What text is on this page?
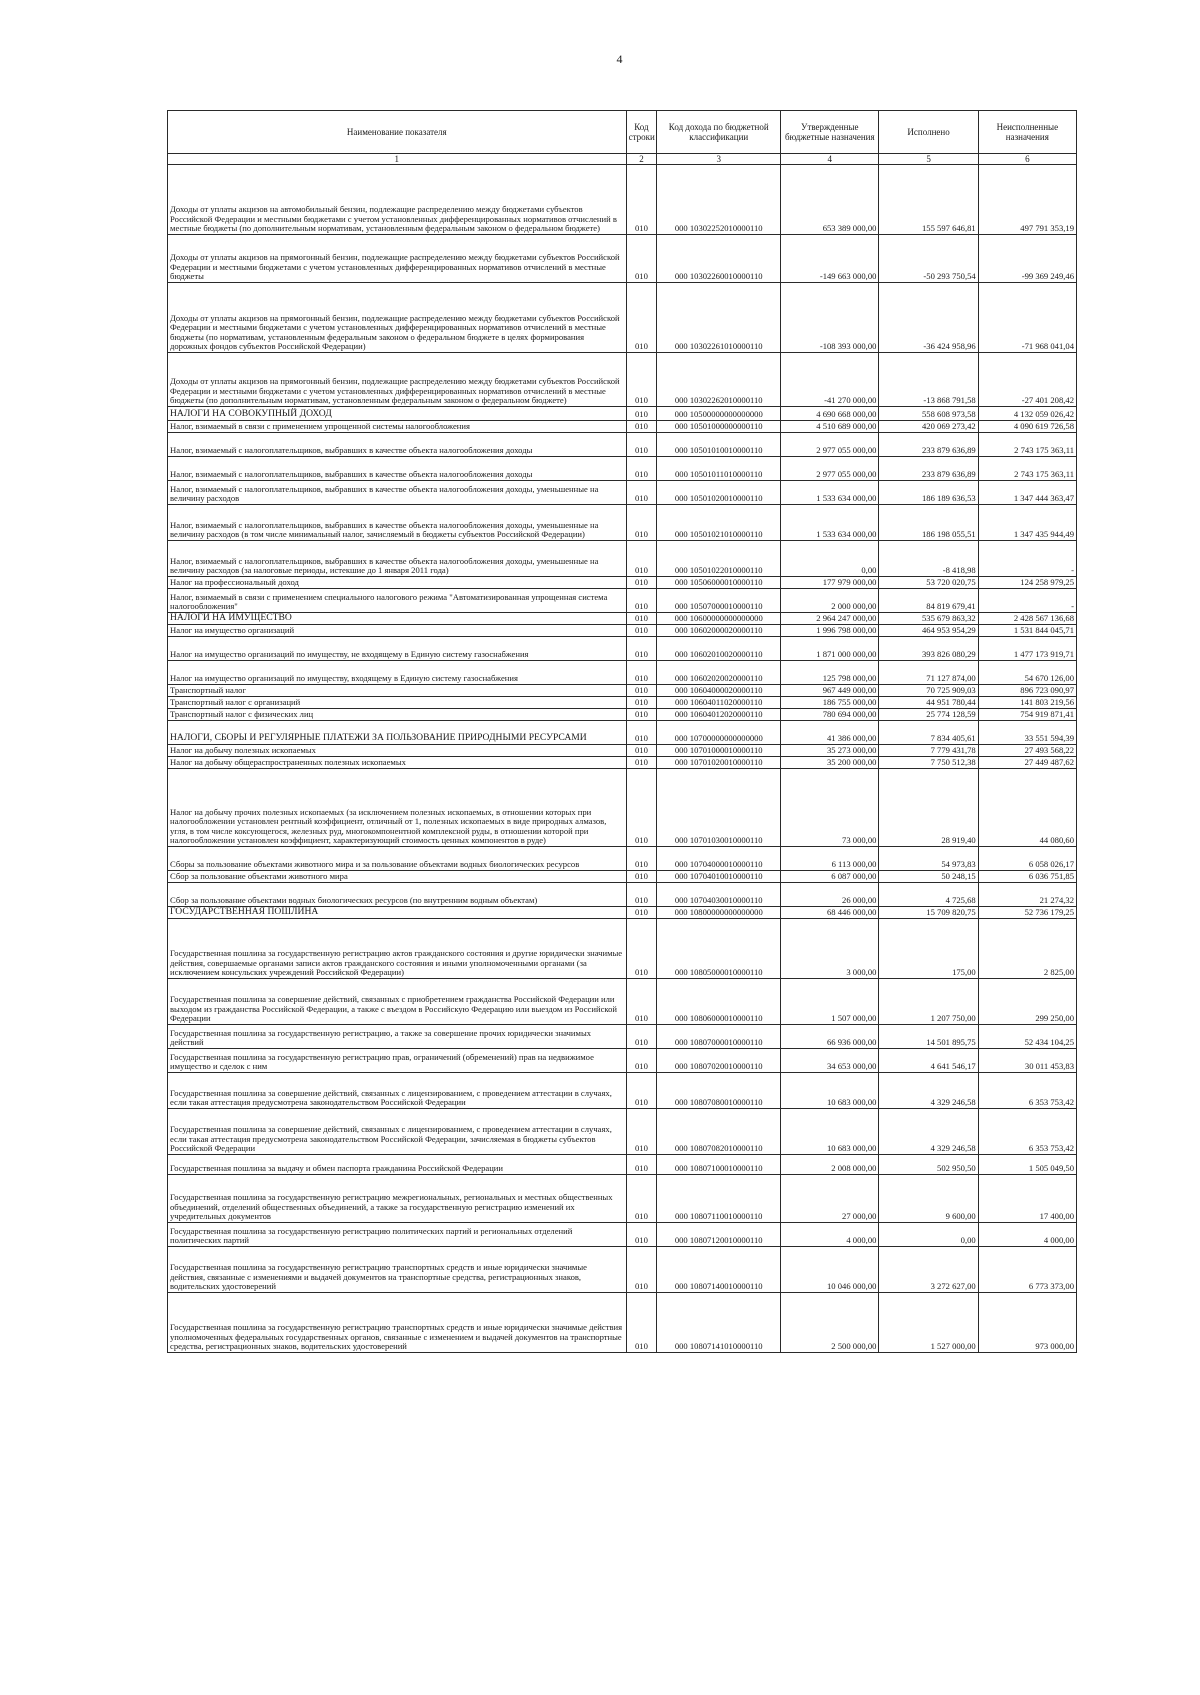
4
Наименование показателя	Код строки	Код дохода по бюджетной классификации	Утвержденные бюджетные назначения	Исполнено	Неисполненные назначения
1	2	3	4	5	6
Доходы от уплаты акцизов на автомобильный бензин, подлежащие распределению между бюджетами субъектов Российской Федерации и местными бюджетами с учетом установленных дифференцированных нормативов отчислений в местные бюджеты (по дополнительным нормативам, установленным федеральным законом о федеральном бюджете)	010	000 10302252010000110	653 389 000,00	155 597 646,81	497 791 353,19
Доходы от уплаты акцизов на прямогонный бензин, подлежащие распределению между бюджетами субъектов Российской Федерации и местными бюджетами с учетом установленных дифференцированных нормативов отчислений в местные бюджеты	010	000 10302260010000110	-149 663 000,00	-50 293 750,54	-99 369 249,46
Доходы от уплаты акцизов на прямогонный бензин, подлежащие распределению между бюджетами субъектов Российской Федерации и местными бюджетами с учетом установленных дифференцированных нормативов отчислений в местные бюджеты (по нормативам, установленным федеральным законом о федеральном бюджете в целях формирования дорожных фондов субъектов Российской Федерации)	010	000 10302261010000110	-108 393 000,00	-36 424 958,96	-71 968 041,04
Доходы от уплаты акцизов на прямогонный бензин, подлежащие распределению между бюджетами субъектов Российской Федерации и местными бюджетами с учетом установленных дифференцированных нормативов отчислений в местные бюджеты (по дополнительным нормативам, установленным федеральным законом о федеральном бюджете)	010	000 10302262010000110	-41 270 000,00	-13 868 791,58	-27 401 208,42
НАЛОГИ НА СОВОКУПНЫЙ ДОХОД	010	000 10500000000000000	4 690 668 000,00	558 608 973,58	4 132 059 026,42
Налог, взимаемый в связи с применением упрощенной системы налогообложения	010	000 10501000000000110	4 510 689 000,00	420 069 273,42	4 090 619 726,58
Налог, взимаемый с налогоплательщиков, выбравших в качестве объекта налогообложения доходы	010	000 10501010010000110	2 977 055 000,00	233 879 636,89	2 743 175 363,11
Налог, взимаемый с налогоплательщиков, выбравших в качестве объекта налогообложения доходы	010	000 10501011010000110	2 977 055 000,00	233 879 636,89	2 743 175 363,11
Налог, взимаемый с налогоплательщиков, выбравших в качестве объекта налогообложения доходы, уменьшенные на величину расходов	010	000 10501020010000110	1 533 634 000,00	186 189 636,53	1 347 444 363,47
Налог, взимаемый с налогоплательщиков, выбравших в качестве объекта налогообложения доходы, уменьшенные на величину расходов (в том числе минимальный налог, зачисляемый в бюджеты субъектов Российской Федерации)	010	000 10501021010000110	1 533 634 000,00	186 198 055,51	1 347 435 944,49
Налог, взимаемый с налогоплательщиков, выбравших в качестве объекта налогообложения доходы, уменьшенные на величину расходов (за налоговые периоды, истекшие до 1 января 2011 года)	010	000 10501022010000110	0,00	-8 418,98	-
Налог на профессиональный доход	010	000 10506000010000110	177 979 000,00	53 720 020,75	124 258 979,25
Налог, взимаемый в связи с применением специального налогового режима "Автоматизированная упрощенная система налогообложения"	010	000 10507000010000110	2 000 000,00	84 819 679,41	-
НАЛОГИ НА ИМУЩЕСТВО	010	000 10600000000000000	2 964 247 000,00	535 679 863,32	2 428 567 136,68
Налог на имущество организаций	010	000 10602000020000110	1 996 798 000,00	464 953 954,29	1 531 844 045,71
Налог на имущество организаций по имуществу, не входящему в Единую систему газоснабжения	010	000 10602010020000110	1 871 000 000,00	393 826 080,29	1 477 173 919,71
Налог на имущество организаций по имуществу, входящему в Единую систему газоснабжения	010	000 10602020020000110	125 798 000,00	71 127 874,00	54 670 126,00
Транспортный налог	010	000 10604000020000110	967 449 000,00	70 725 909,03	896 723 090,97
Транспортный налог с организаций	010	000 10604011020000110	186 755 000,00	44 951 780,44	141 803 219,56
Транспортный налог с физических лиц	010	000 10604012020000110	780 694 000,00	25 774 128,59	754 919 871,41
НАЛОГИ, СБОРЫ И РЕГУЛЯРНЫЕ ПЛАТЕЖИ ЗА ПОЛЬЗОВАНИЕ ПРИРОДНЫМИ РЕСУРСАМИ	010	000 10700000000000000	41 386 000,00	7 834 405,61	33 551 594,39
Налог на добычу полезных ископаемых	010	000 10701000010000110	35 273 000,00	7 779 431,78	27 493 568,22
Налог на добычу общераспространенных полезных ископаемых	010	000 10701020010000110	35 200 000,00	7 750 512,38	27 449 487,62
Налог на добычу прочих полезных ископаемых (за исключением полезных ископаемых, в отношении которых при налогообложении установлен рентный коэффициент, отличный от 1, полезных ископаемых в виде природных алмазов, угля, в том числе коксующегося, железных руд, многокомпонентной комплексной руды, в отношении которой при налогообложении установлен коэффициент, характеризующий стоимость ценных компонентов в руде)	010	000 10701030010000110	73 000,00	28 919,40	44 080,60
Сборы за пользование объектами животного мира и за пользование объектами водных биологических ресурсов	010	000 10704000010000110	6 113 000,00	54 973,83	6 058 026,17
Сбор за пользование объектами животного мира	010	000 10704010010000110	6 087 000,00	50 248,15	6 036 751,85
Сбор за пользование объектами водных биологических ресурсов (по внутренним водным объектам)	010	000 10704030010000110	26 000,00	4 725,68	21 274,32
ГОСУДАРСТВЕННАЯ ПОШЛИНА	010	000 10800000000000000	68 446 000,00	15 709 820,75	52 736 179,25
Государственная пошлина за государственную регистрацию актов гражданского состояния и другие юридически значимые действия, совершаемые органами записи актов гражданского состояния и иными уполномоченными органами (за исключением консульских учреждений Российской Федерации)	010	000 10805000010000110	3 000,00	175,00	2 825,00
Государственная пошлина за совершение действий, связанных с приобретением гражданства Российской Федерации или выходом из гражданства Российской Федерации, а также с въездом в Российскую Федерацию или выездом из Российской Федерации	010	000 10806000010000110	1 507 000,00	1 207 750,00	299 250,00
Государственная пошлина за государственную регистрацию, а также за совершение прочих юридически значимых действий	010	000 10807000010000110	66 936 000,00	14 501 895,75	52 434 104,25
Государственная пошлина за государственную регистрацию прав, ограничений (обременений) прав на недвижимое имущество и сделок с ним	010	000 10807020010000110	34 653 000,00	4 641 546,17	30 011 453,83
Государственная пошлина за совершение действий, связанных с лицензированием, с проведением аттестации в случаях, если такая аттестация предусмотрена законодательством Российской Федерации	010	000 10807080010000110	10 683 000,00	4 329 246,58	6 353 753,42
Государственная пошлина за совершение действий, связанных с лицензированием, с проведением аттестации в случаях, если такая аттестация предусмотрена законодательством Российской Федерации, зачисляемая в бюджеты субъектов Российской Федерации	010	000 10807082010000110	10 683 000,00	4 329 246,58	6 353 753,42
Государственная пошлина за выдачу и обмен паспорта гражданина Российской Федерации	010	000 10807100010000110	2 008 000,00	502 950,50	1 505 049,50
Государственная пошлина за государственную регистрацию межрегиональных, региональных и местных общественных объединений, отделений общественных объединений, а также за государственную регистрацию изменений их учредительных документов	010	000 10807110010000110	27 000,00	9 600,00	17 400,00
Государственная пошлина за государственную регистрацию политических партий и региональных отделений политических партий	010	000 10807120010000110	4 000,00	0,00	4 000,00
Государственная пошлина за государственную регистрацию транспортных средств и иные юридически значимые действия, связанные с изменениями и выдачей документов на транспортные средства, регистрационных знаков, водительских удостоверений	010	000 10807140010000110	10 046 000,00	3 272 627,00	6 773 373,00
Государственная пошлина за государственную регистрацию транспортных средств и иные юридически значимые действия уполномоченных федеральных государственных органов, связанные с изменением и выдачей документов на транспортные средства, регистрационных знаков, водительских удостоверений	010	000 10807141010000110	2 500 000,00	1 527 000,00	973 000,00
